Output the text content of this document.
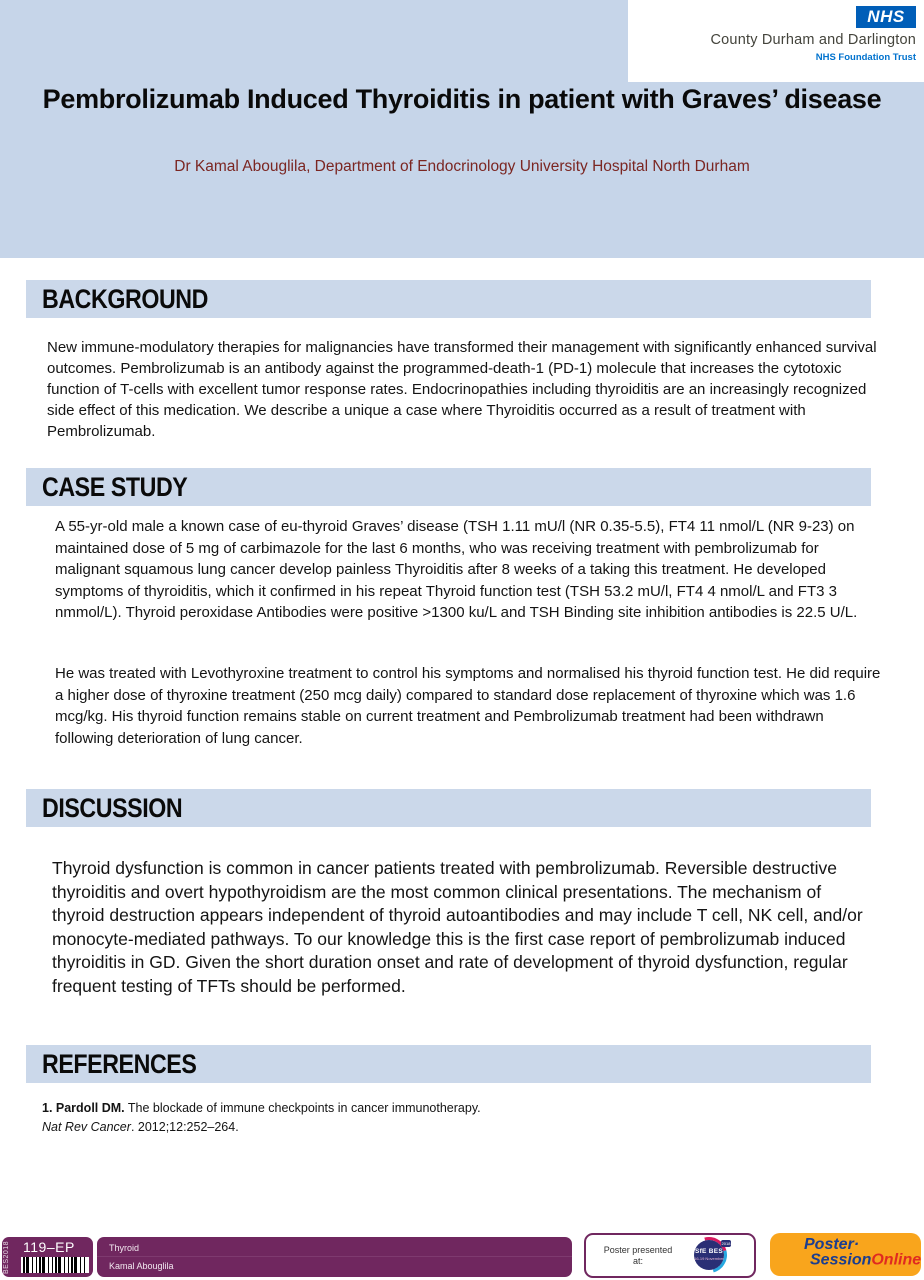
NHS
County Durham and Darlington
NHS Foundation Trust
Pembrolizumab Induced Thyroiditis in patient with Graves’ disease
Dr Kamal Abouglila, Department of Endocrinology University Hospital North Durham
BACKGROUND
New immune-modulatory therapies for malignancies have transformed their management with significantly enhanced survival outcomes. Pembrolizumab is an antibody against the programmed-death-1 (PD-1) molecule that increases the cytotoxic function of T-cells with excellent tumor response rates. Endocrinopathies including thyroiditis are an increasingly recognized side effect of this medication. We describe a unique a case where Thyroiditis occurred as a result of treatment with Pembrolizumab.
CASE STUDY
A 55-yr-old male a known case of eu-thyroid Graves’ disease (TSH 1.11 mU/l (NR 0.35-5.5), FT4 11 nmol/L (NR 9-23) on maintained dose of 5 mg of carbimazole for the last 6 months, who was receiving treatment with pembrolizumab for malignant squamous lung cancer develop painless Thyroiditis after 8 weeks of a taking this treatment. He developed symptoms of thyroiditis, which it confirmed in his repeat Thyroid function test (TSH 53.2 mU/l, FT4 4 nmol/L and FT3 3 nmmol/L). Thyroid peroxidase Antibodies were positive >1300 ku/L and TSH Binding site inhibition antibodies is 22.5 U/L.
He was treated with Levothyroxine treatment to control his symptoms and normalised his thyroid function test. He did require a higher dose of thyroxine treatment (250 mcg daily) compared to standard dose replacement of thyroxine which was 1.6 mcg/kg. His thyroid function remains stable on current treatment and Pembrolizumab treatment had been withdrawn following deterioration of lung cancer.
DISCUSSION
Thyroid dysfunction is common in cancer patients treated with pembrolizumab. Reversible destructive thyroiditis and overt hypothyroidism are the most common clinical presentations. The mechanism of thyroid destruction appears independent of thyroid autoantibodies and may include T cell, NK cell, and/or monocyte-mediated pathways. To our knowledge this is the first case report of pembrolizumab induced thyroiditis in GD. Given the short duration onset and rate of development of thyroid dysfunction, regular frequent testing of TFTs should be performed.
REFERENCES
1. Pardoll DM. The blockade of immune checkpoints in cancer immunotherapy.
Nat Rev Cancer. 2012;12:252–264.
BES2018 119–EP	Thyroid
Kamal Abouglila
Poster presented
at:
SfE BES
16-19 November
2018	Poster·
SessionOnline
